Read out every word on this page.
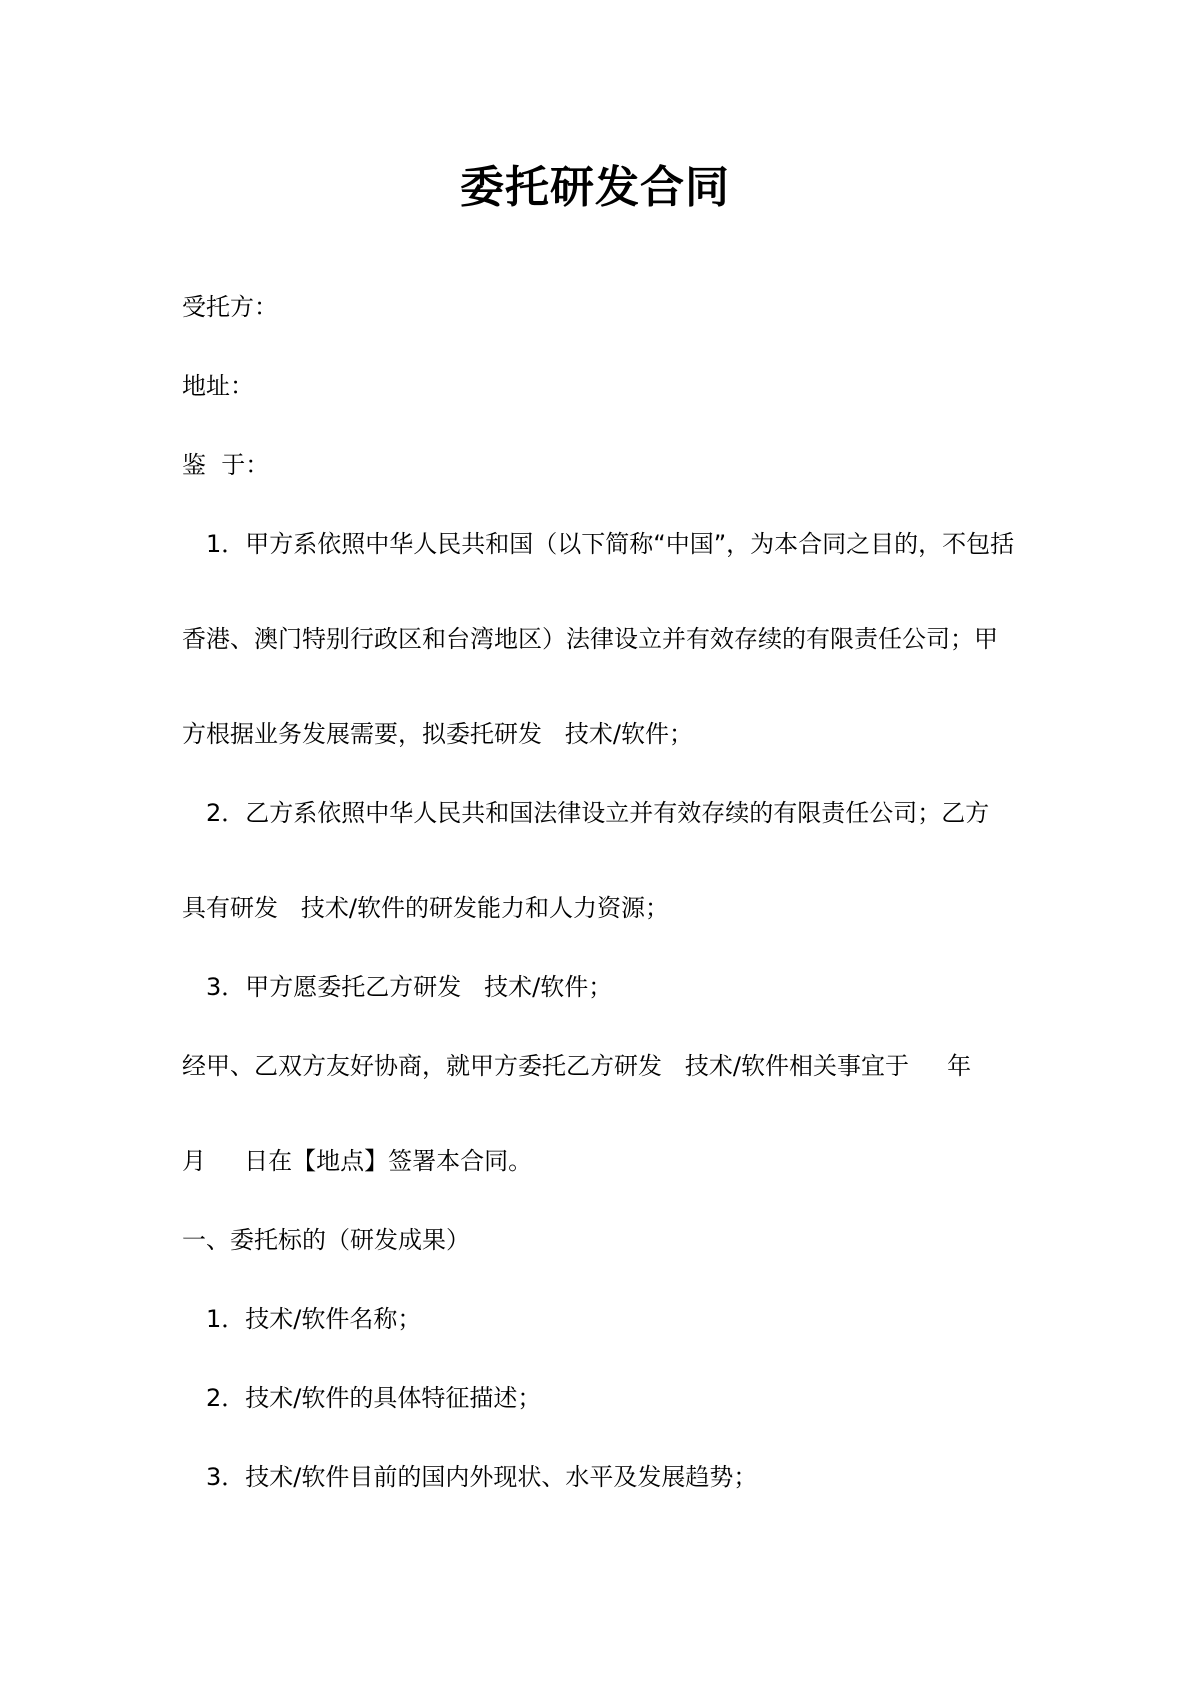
委托研发合同
受托方：
地址：
鉴  于：
1．甲方系依照中华人民共和国（以下简称“中国”，为本合同之目的，不包括
香港、澳门特别行政区和台湾地区）法律设立并有效存续的有限责任公司；甲
方根据业务发展需要，拟委托研发   技术/软件；
2．乙方系依照中华人民共和国法律设立并有效存续的有限责任公司；乙方
具有研发   技术/软件的研发能力和人力资源；
3．甲方愿委托乙方研发   技术/软件；
经甲、乙双方友好协商，就甲方委托乙方研发   技术/软件相关事宜于     年
月     日在【地点】签署本合同。
一、委托标的（研发成果）
1．技术/软件名称；
2．技术/软件的具体特征描述；
3．技术/软件目前的国内外现状、水平及发展趋势；
